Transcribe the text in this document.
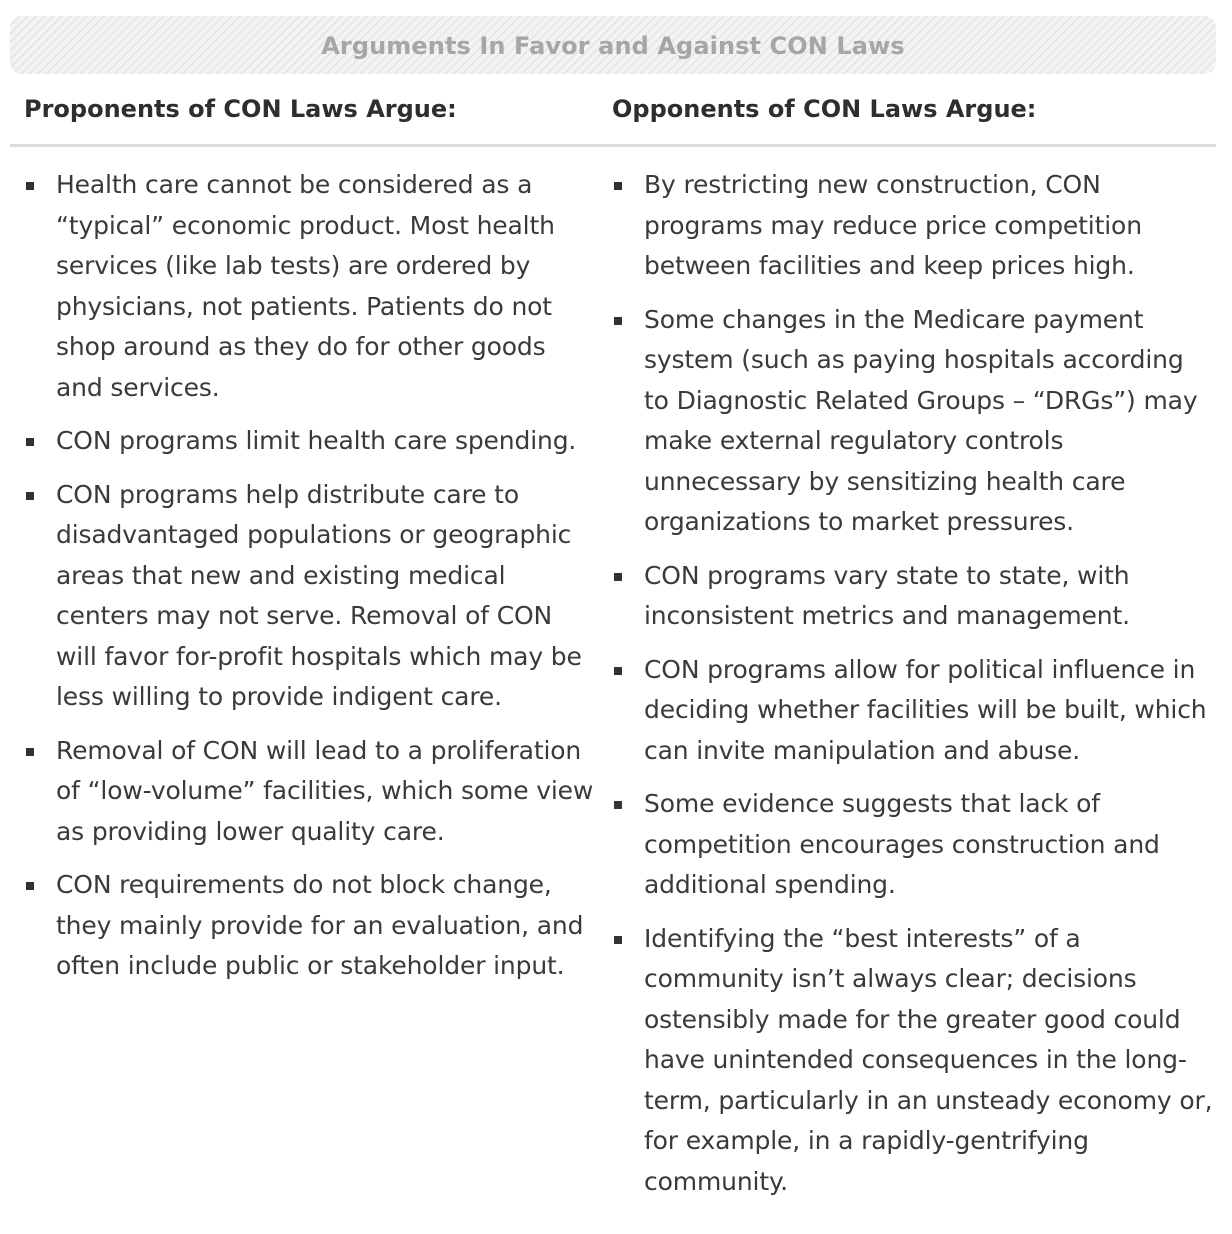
Arguments In Favor and Against CON Laws
Proponents of CON Laws Argue:	Opponents of CON Laws Argue:
Health care cannot be considered as a “typical” economic product. Most health services (like lab tests) are ordered by physicians, not patients. Patients do not shop around as they do for other goods and services.
CON programs limit health care spending.
CON programs help distribute care to disadvantaged populations or geographic areas that new and existing medical centers may not serve. Removal of CON will favor for-profit hospitals which may be less willing to provide indigent care.
Removal of CON will lead to a proliferation of “low-volume” facilities, which some view as providing lower quality care.
CON requirements do not block change, they mainly provide for an evaluation, and often include public or stakeholder input.
By restricting new construction, CON programs may reduce price competition between facilities and keep prices high.
Some changes in the Medicare payment system (such as paying hospitals according to Diagnostic Related Groups – “DRGs”) may make external regulatory controls unnecessary by sensitizing health care organizations to market pressures.
CON programs vary state to state, with inconsistent metrics and management.
CON programs allow for political influence in deciding whether facilities will be built, which can invite manipulation and abuse.
Some evidence suggests that lack of competition encourages construction and additional spending.
Identifying the “best interests” of a community isn’t always clear; decisions ostensibly made for the greater good could have unintended consequences in the long-term, particularly in an unsteady economy or, for example, in a rapidly-gentrifying community.
